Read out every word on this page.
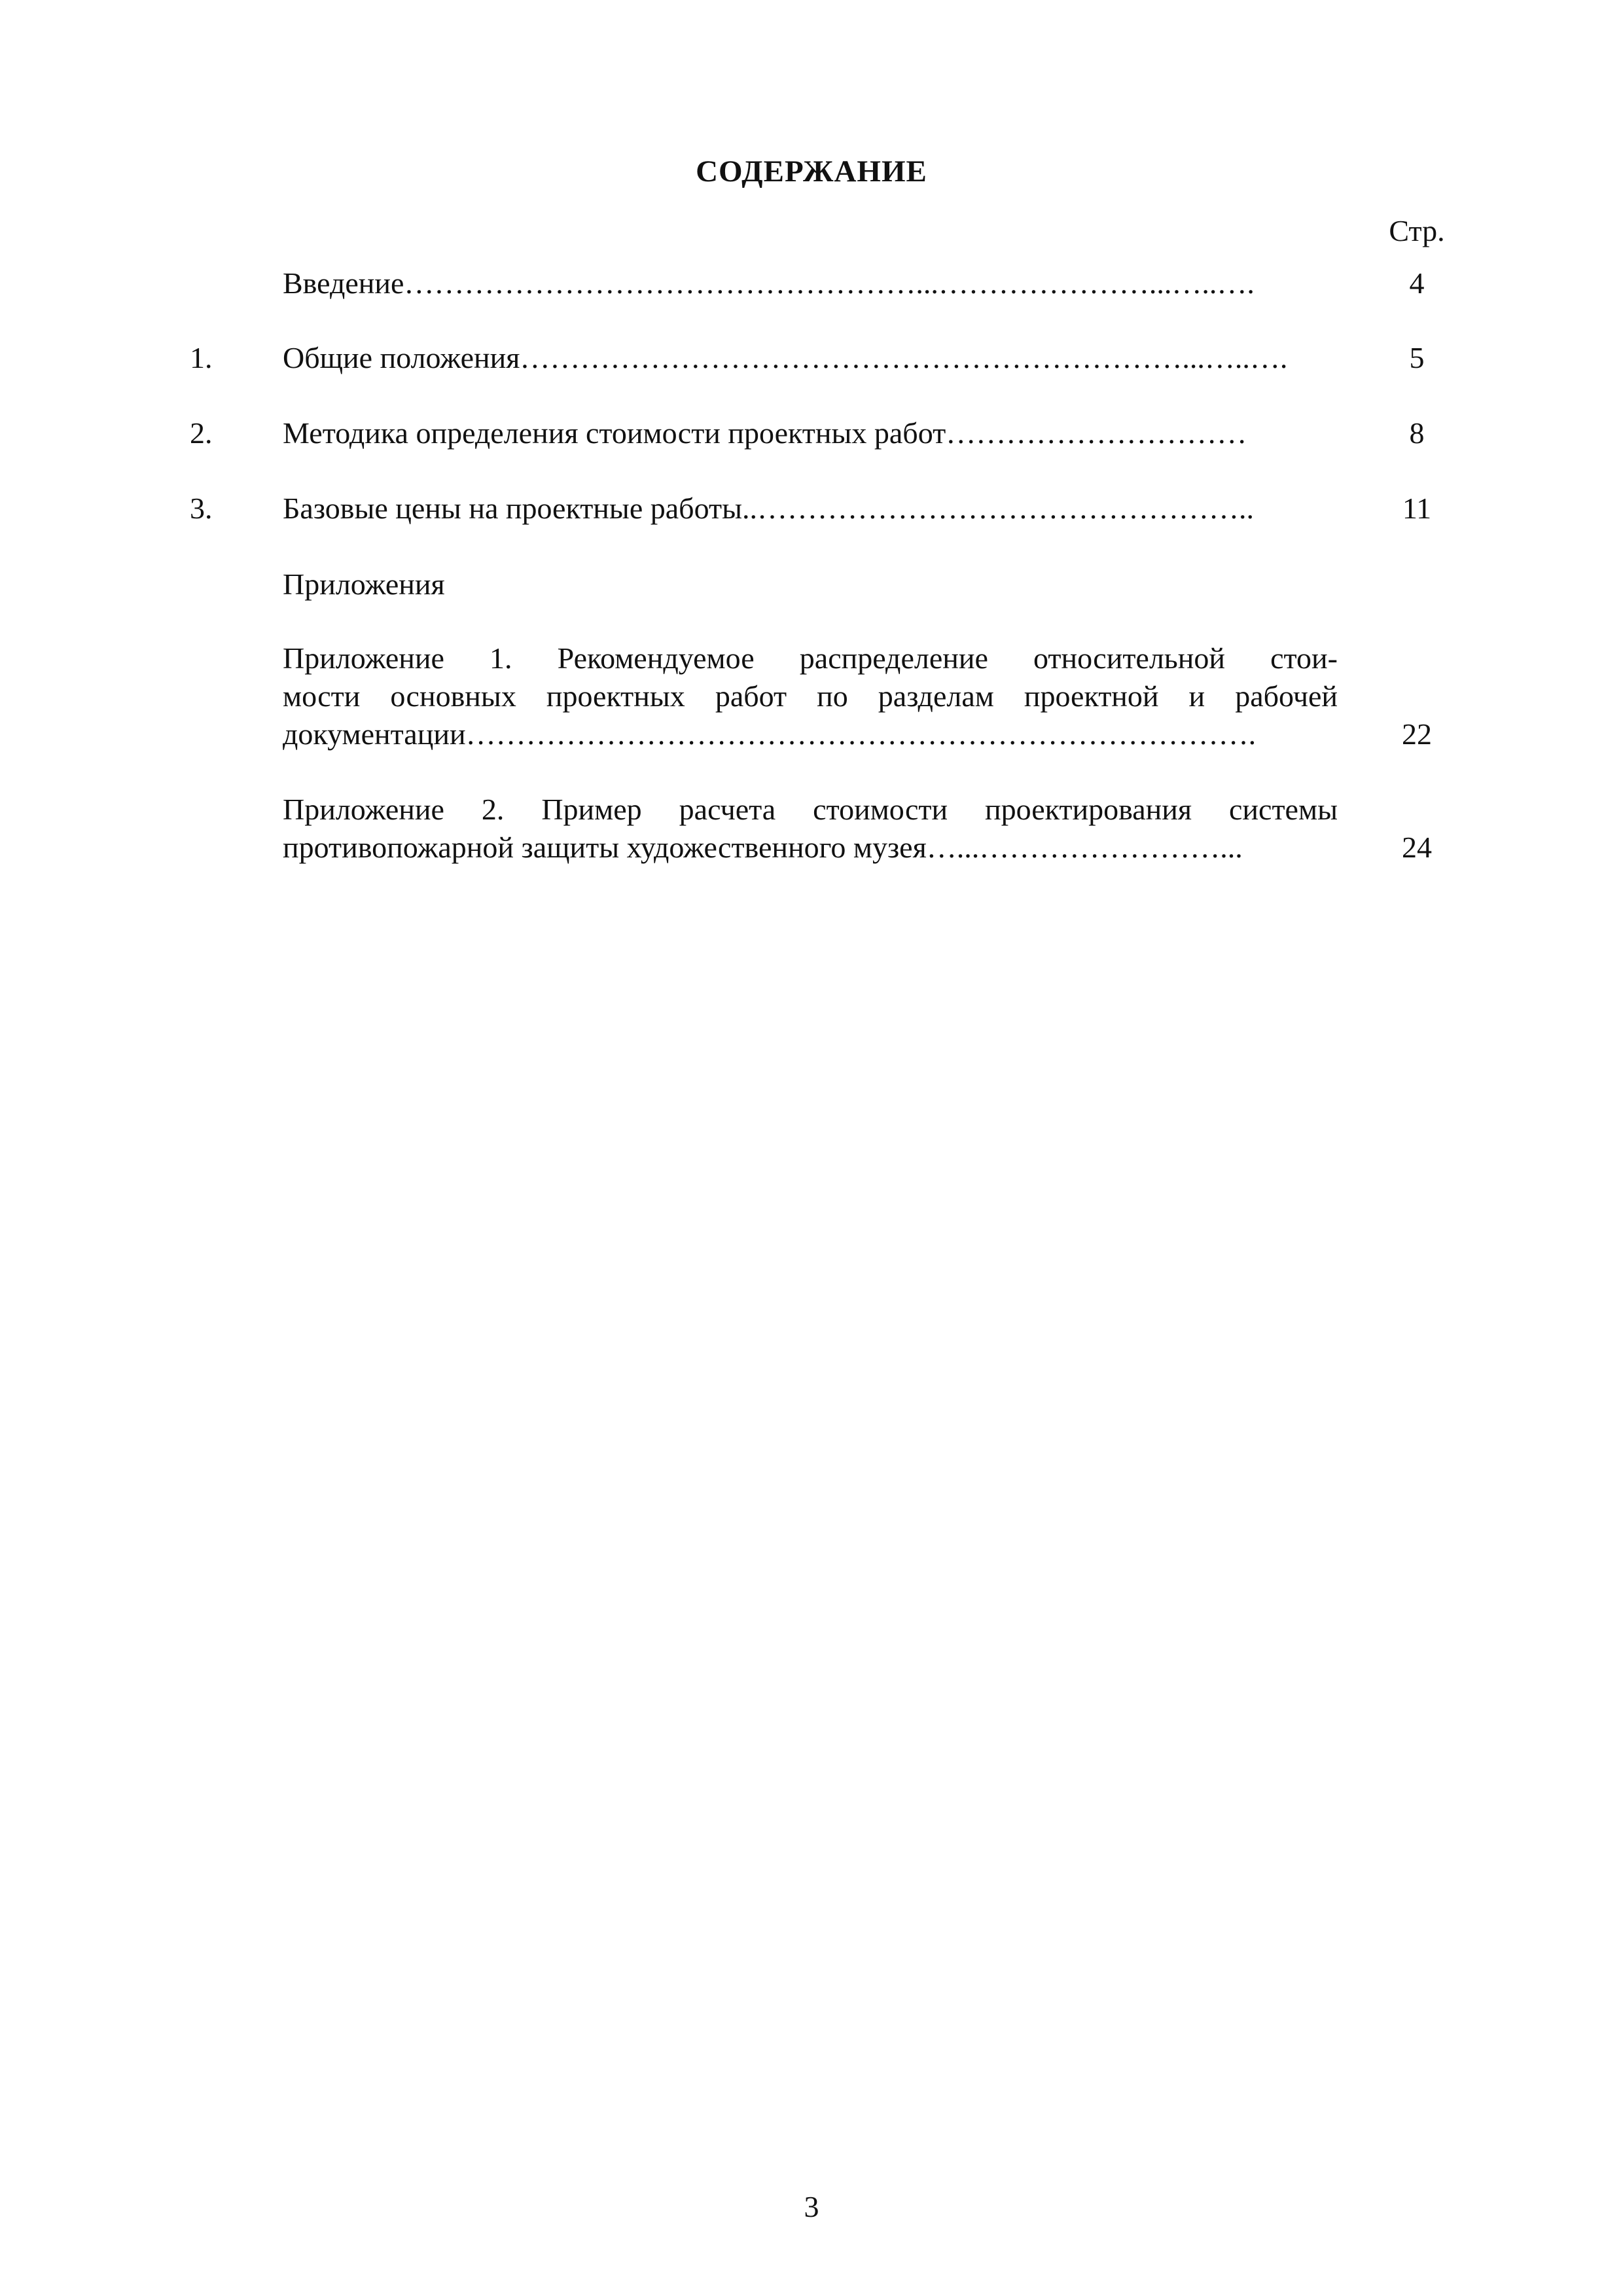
СОДЕРЖАНИЕ
Стр.
Введение……………………………………………...…………………...…..….	4
1. Общие положения…………………………………………………………...…..….	5
2. Методика определения стоимости проектных работ…………………………	8
3. Базовые цены на проектные работы..…………………………………………..	11
Приложения
Приложение 1. Рекомендуемое распределение относительной стои-
мости основных проектных работ по разделам проектной и рабочей
документации…………………………………………………………………….	22
Приложение 2. Пример расчета стоимости проектирования системы
противопожарной защиты художественного музея…...……………………...	24
3
